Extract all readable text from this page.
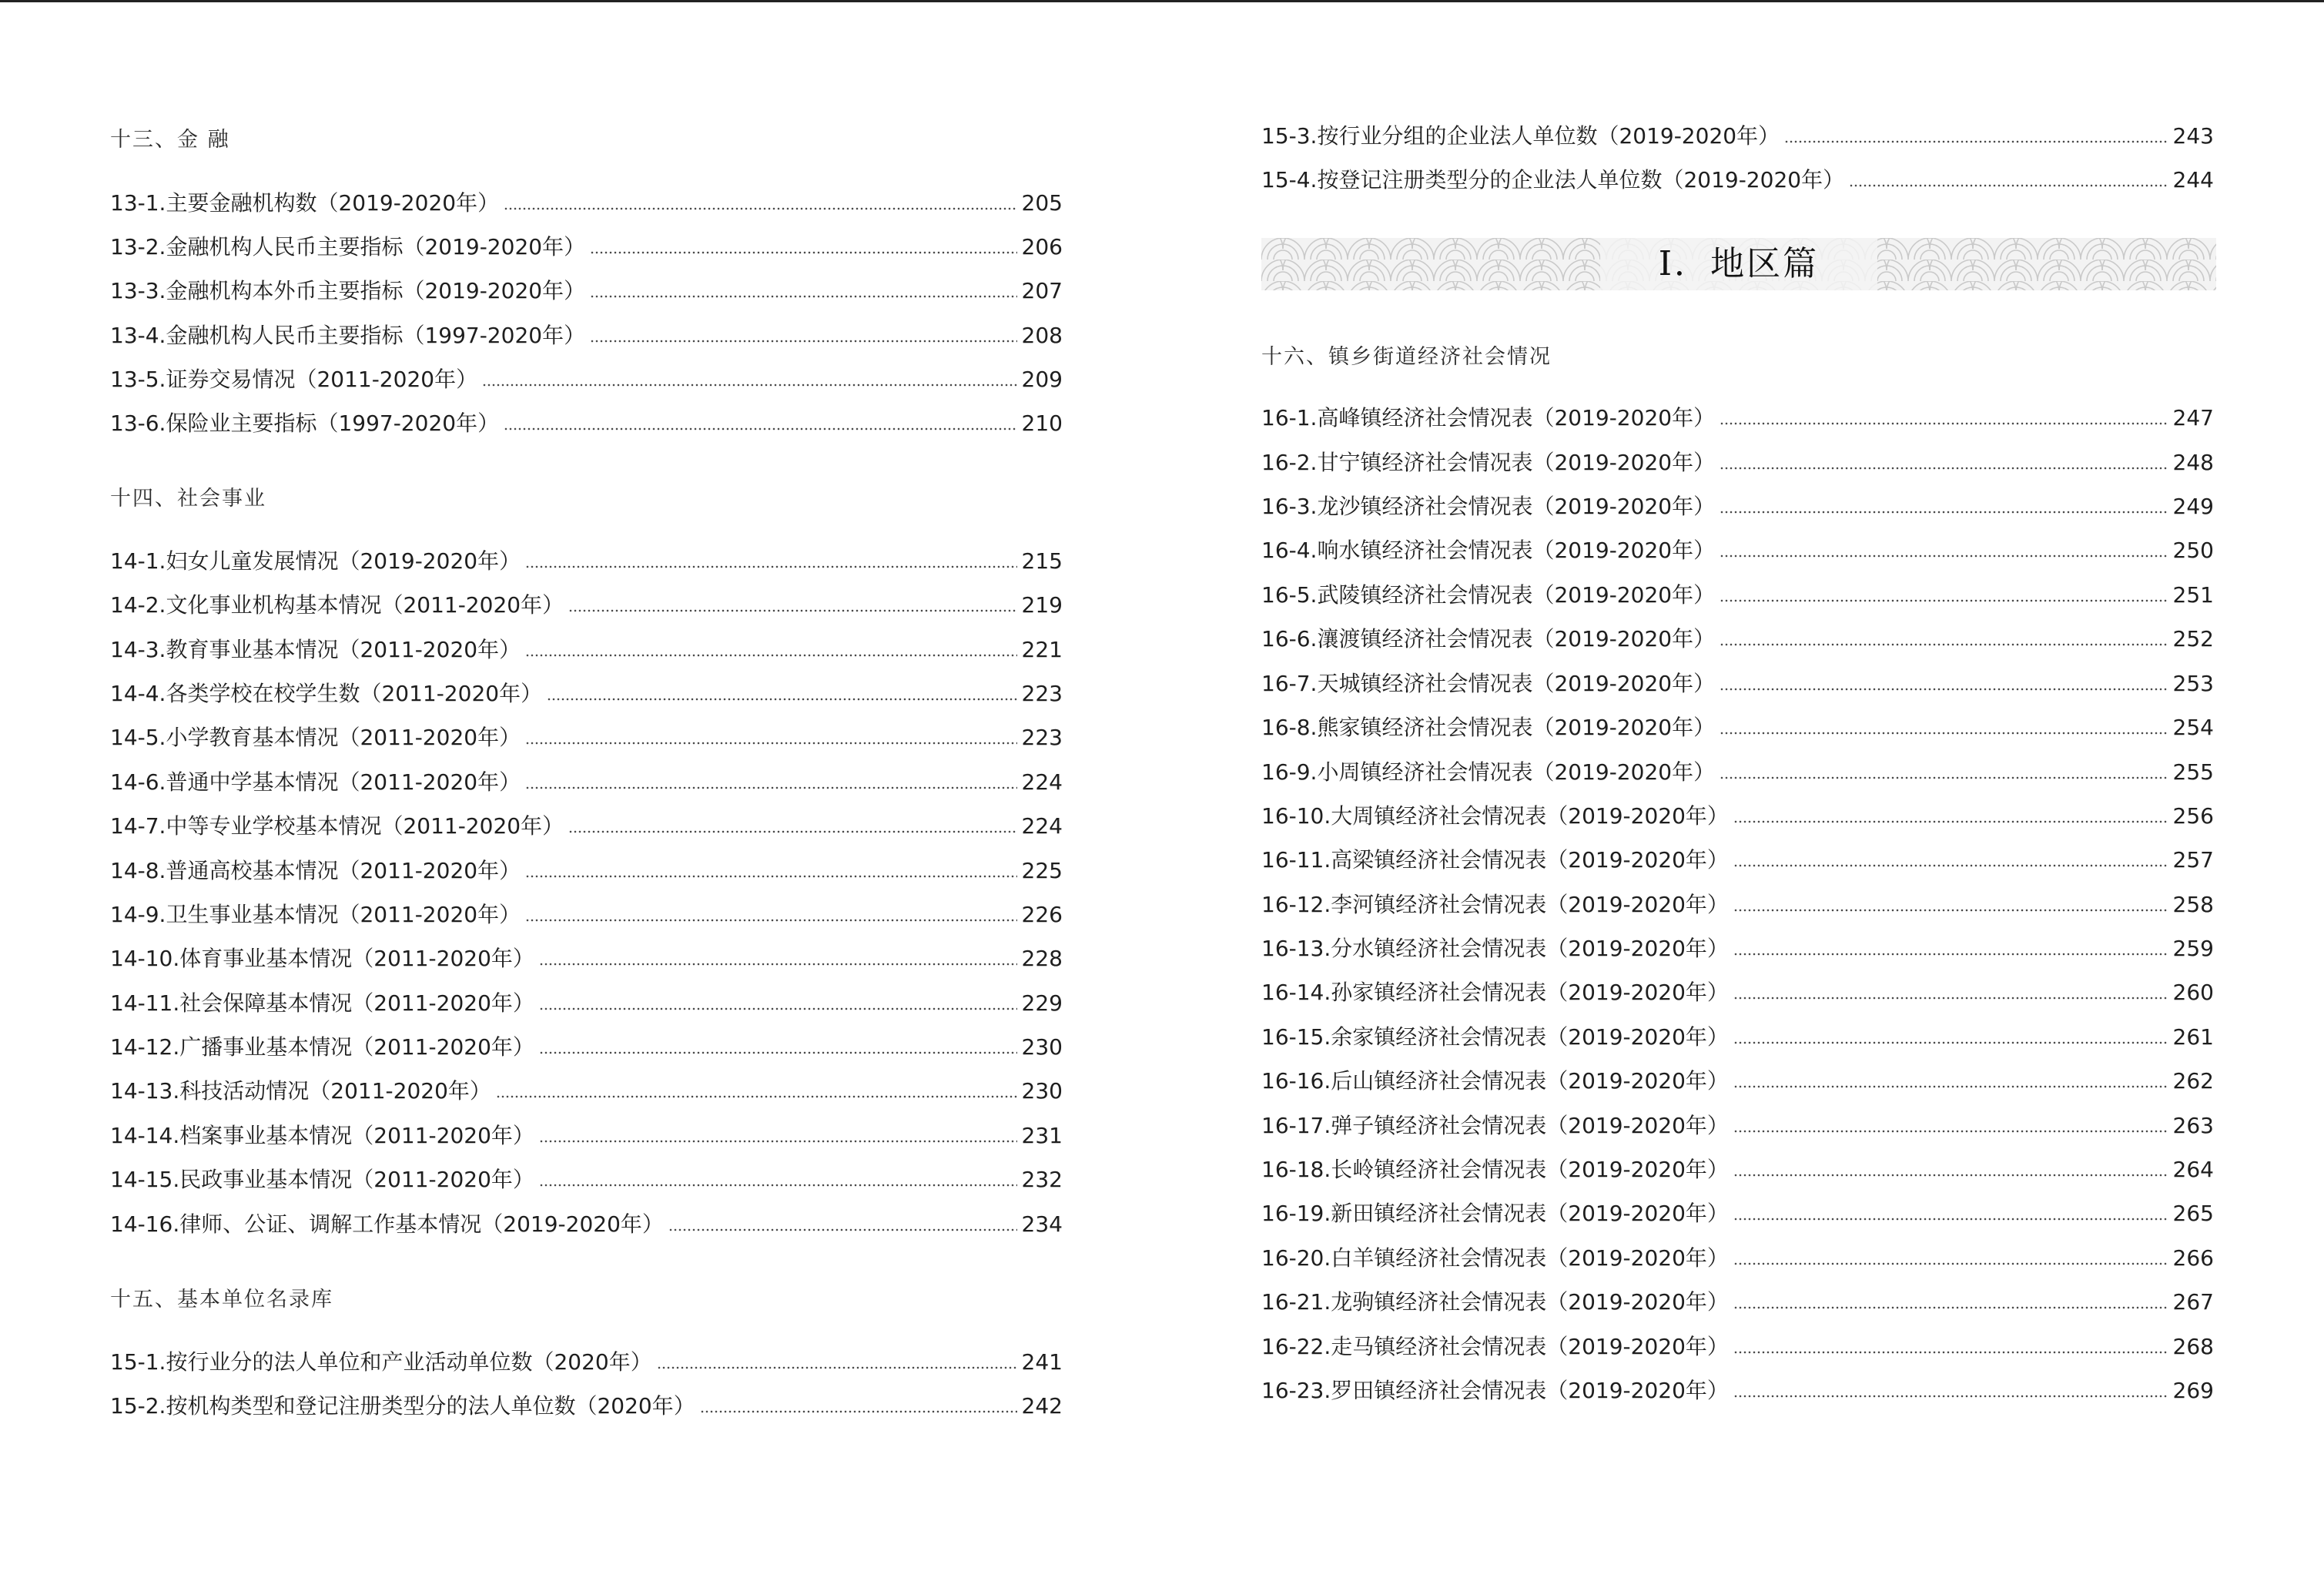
十三、金 融
13-1.主要金融机构数（2019-2020年）	205
13-2.金融机构人民币主要指标（2019-2020年）	206
13-3.金融机构本外币主要指标（2019-2020年）	207
13-4.金融机构人民币主要指标（1997-2020年）	208
13-5.证券交易情况（2011-2020年）	209
13-6.保险业主要指标（1997-2020年）	210
十四、社会事业
14-1.妇女儿童发展情况（2019-2020年）	215
14-2.文化事业机构基本情况（2011-2020年）	219
14-3.教育事业基本情况（2011-2020年）	221
14-4.各类学校在校学生数（2011-2020年）	223
14-5.小学教育基本情况（2011-2020年）	223
14-6.普通中学基本情况（2011-2020年）	224
14-7.中等专业学校基本情况（2011-2020年）	224
14-8.普通高校基本情况（2011-2020年）	225
14-9.卫生事业基本情况（2011-2020年）	226
14-10.体育事业基本情况（2011-2020年）	228
14-11.社会保障基本情况（2011-2020年）	229
14-12.广播事业基本情况（2011-2020年）	230
14-13.科技活动情况（2011-2020年）	230
14-14.档案事业基本情况（2011-2020年）	231
14-15.民政事业基本情况（2011-2020年）	232
14-16.律师、公证、调解工作基本情况（2019-2020年）	234
十五、基本单位名录库
15-1.按行业分的法人单位和产业活动单位数（2020年）	241
15-2.按机构类型和登记注册类型分的法人单位数（2020年）	242
15-3.按行业分组的企业法人单位数（2019-2020年）	243
15-4.按登记注册类型分的企业法人单位数（2019-2020年）	244
Ⅰ．地区篇
十六、镇乡街道经济社会情况
16-1.高峰镇经济社会情况表（2019-2020年）	247
16-2.甘宁镇经济社会情况表（2019-2020年）	248
16-3.龙沙镇经济社会情况表（2019-2020年）	249
16-4.响水镇经济社会情况表（2019-2020年）	250
16-5.武陵镇经济社会情况表（2019-2020年）	251
16-6.瀼渡镇经济社会情况表（2019-2020年）	252
16-7.天城镇经济社会情况表（2019-2020年）	253
16-8.熊家镇经济社会情况表（2019-2020年）	254
16-9.小周镇经济社会情况表（2019-2020年）	255
16-10.大周镇经济社会情况表（2019-2020年）	256
16-11.高梁镇经济社会情况表（2019-2020年）	257
16-12.李河镇经济社会情况表（2019-2020年）	258
16-13.分水镇经济社会情况表（2019-2020年）	259
16-14.孙家镇经济社会情况表（2019-2020年）	260
16-15.余家镇经济社会情况表（2019-2020年）	261
16-16.后山镇经济社会情况表（2019-2020年）	262
16-17.弹子镇经济社会情况表（2019-2020年）	263
16-18.长岭镇经济社会情况表（2019-2020年）	264
16-19.新田镇经济社会情况表（2019-2020年）	265
16-20.白羊镇经济社会情况表（2019-2020年）	266
16-21.龙驹镇经济社会情况表（2019-2020年）	267
16-22.走马镇经济社会情况表（2019-2020年）	268
16-23.罗田镇经济社会情况表（2019-2020年）	269
